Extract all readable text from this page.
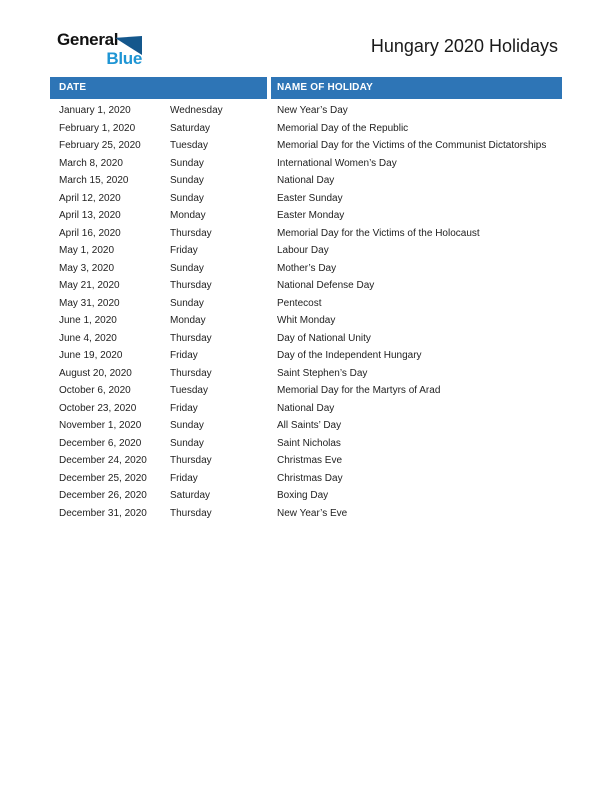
General
Blue
Hungary 2020 Holidays
DATE	NAME OF HOLIDAY
January 1, 2020	Wednesday	New Year’s Day
February 1, 2020	Saturday	Memorial Day of the Republic
February 25, 2020	Tuesday	Memorial Day for the Victims of the Communist Dictatorships
March 8, 2020	Sunday	International Women’s Day
March 15, 2020	Sunday	National Day
April 12, 2020	Sunday	Easter Sunday
April 13, 2020	Monday	Easter Monday
April 16, 2020	Thursday	Memorial Day for the Victims of the Holocaust
May 1, 2020	Friday	Labour Day
May 3, 2020	Sunday	Mother’s Day
May 21, 2020	Thursday	National Defense Day
May 31, 2020	Sunday	Pentecost
June 1, 2020	Monday	Whit Monday
June 4, 2020	Thursday	Day of National Unity
June 19, 2020	Friday	Day of the Independent Hungary
August 20, 2020	Thursday	Saint Stephen’s Day
October 6, 2020	Tuesday	Memorial Day for the Martyrs of Arad
October 23, 2020	Friday	National Day
November 1, 2020	Sunday	All Saints’ Day
December 6, 2020	Sunday	Saint Nicholas
December 24, 2020	Thursday	Christmas Eve
December 25, 2020	Friday	Christmas Day
December 26, 2020	Saturday	Boxing Day
December 31, 2020	Thursday	New Year’s Eve
